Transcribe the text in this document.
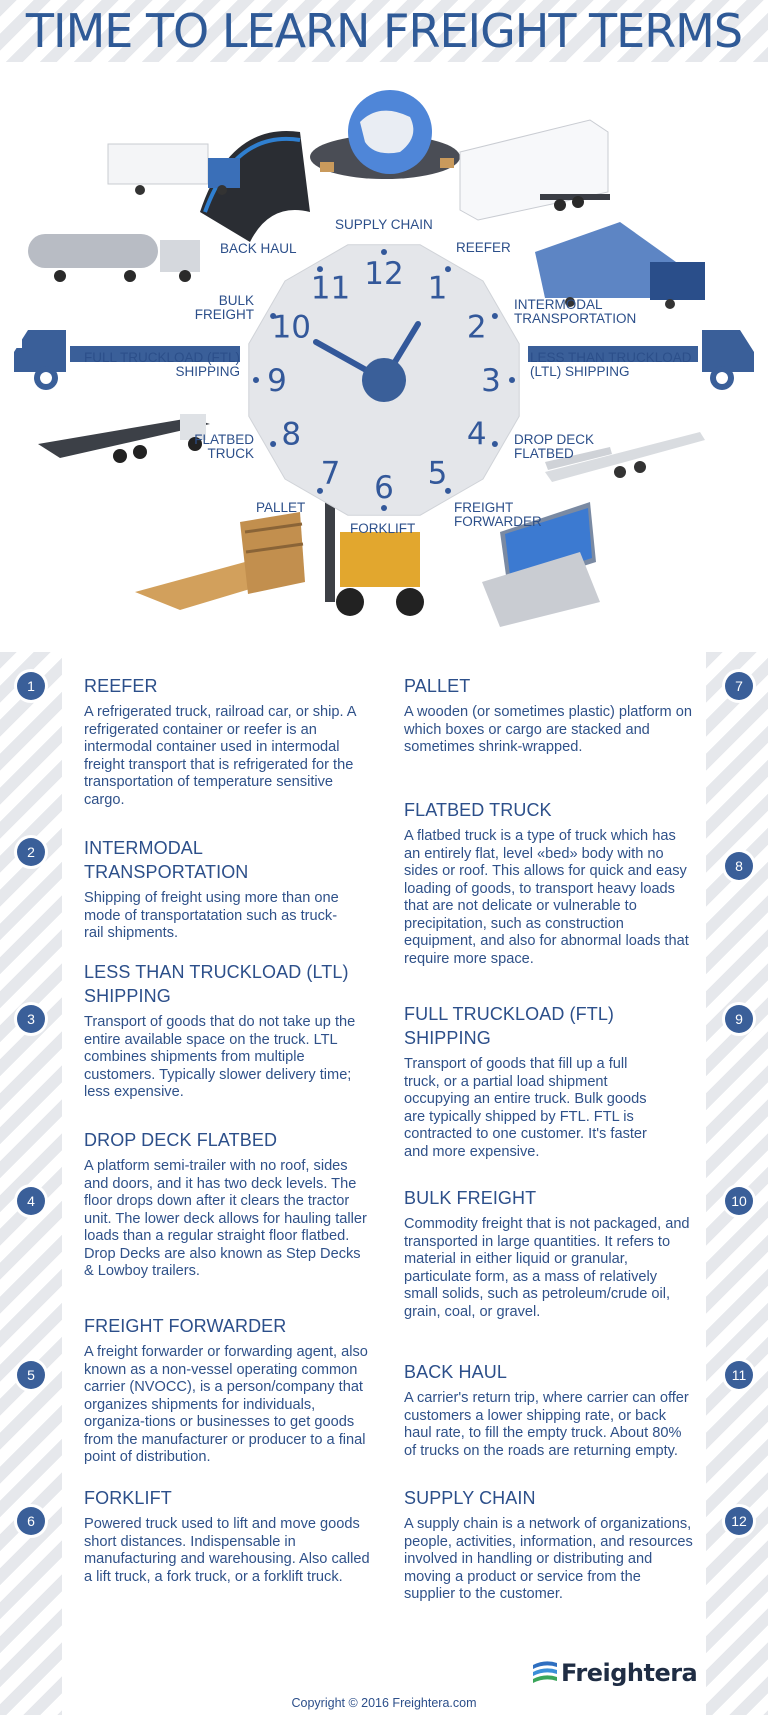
TIME TO LEARN FREIGHT TERMS
12 1
2
3
4
5
6
7
8
9
10
11
SUPPLY CHAIN
REEFER
INTERMODAL
TRANSPORTATION
LESS THAN TRUCKLOAD
(LTL) SHIPPING
DROP DECK
FLATBED
FREIGHT
FORWARDER
FORKLIFT
PALLET
FLATBED
TRUCK
FULL TRUCKLOAD (FTL)
SHIPPING
BULK
FREIGHT
BACK HAUL
1
2
3
4
5
6
7
8
9
10
11
12
REEFER

A refrigerated truck, railroad car, or ship. A refrigerated container or reefer is an intermodal container used in intermodal freight transport that is refrigerated for the transportation of temperature sensitive cargo.

INTERMODAL TRANSPORTATION

Shipping of freight using more than one mode of transportatation such as truck-rail shipments.

LESS THAN TRUCKLOAD (LTL) SHIPPING

Transport of goods that do not take up the entire available space on the truck. LTL combines shipments from multiple customers. Typically slower delivery time; less expensive.

DROP DECK FLATBED

A platform semi-trailer with no roof, sides and doors, and it has two deck levels. The floor drops down after it clears the tractor unit. The lower deck allows for hauling taller loads than a regular straight floor flatbed. Drop Decks are also known as Step Decks & Lowboy trailers.

FREIGHT FORWARDER

A freight forwarder or forwarding agent, also known as a non-vessel operating common carrier (NVOCC), is a person/company that organizes shipments for individuals, organiza-tions or businesses to get goods from the manufacturer or producer to a final point of distribution.

FORKLIFT

Powered truck used to lift and move goods short distances. Indispensable in manufacturing and warehousing. Also called a lift truck, a fork truck, or a forklift truck.

PALLET

A wooden (or sometimes plastic) platform on which boxes or cargo are stacked and sometimes shrink-wrapped.

FLATBED TRUCK

A flatbed truck is a type of truck which has an entirely flat, level «bed» body with no sides or roof. This allows for quick and easy loading of goods, to transport heavy loads that are not delicate or vulnerable to precipitation, such as construction equipment, and also for abnormal loads that require more space.

FULL TRUCKLOAD (FTL) SHIPPING

Transport of goods that fill up a full truck, or a partial load shipment occupying an entire truck. Bulk goods are typically shipped by FTL. FTL is contracted to one customer. It's faster and more expensive.

BULK FREIGHT

Commodity freight that is not packaged, and transported in large quantities. It refers to material in either liquid or granular, particulate form, as a mass of relatively small solids, such as petroleum/crude oil, grain, coal, or gravel.

BACK HAUL

A carrier's return trip, where carrier can offer customers a lower shipping rate, or back haul rate, to fill the empty truck. About 80% of trucks on the roads are returning empty.

SUPPLY CHAIN

A supply chain is a network of organizations, people, activities, information, and resources involved in handling or distributing and moving a product or service from the supplier to the customer.

Freightera
Copyright © 2016 Freightera.com
